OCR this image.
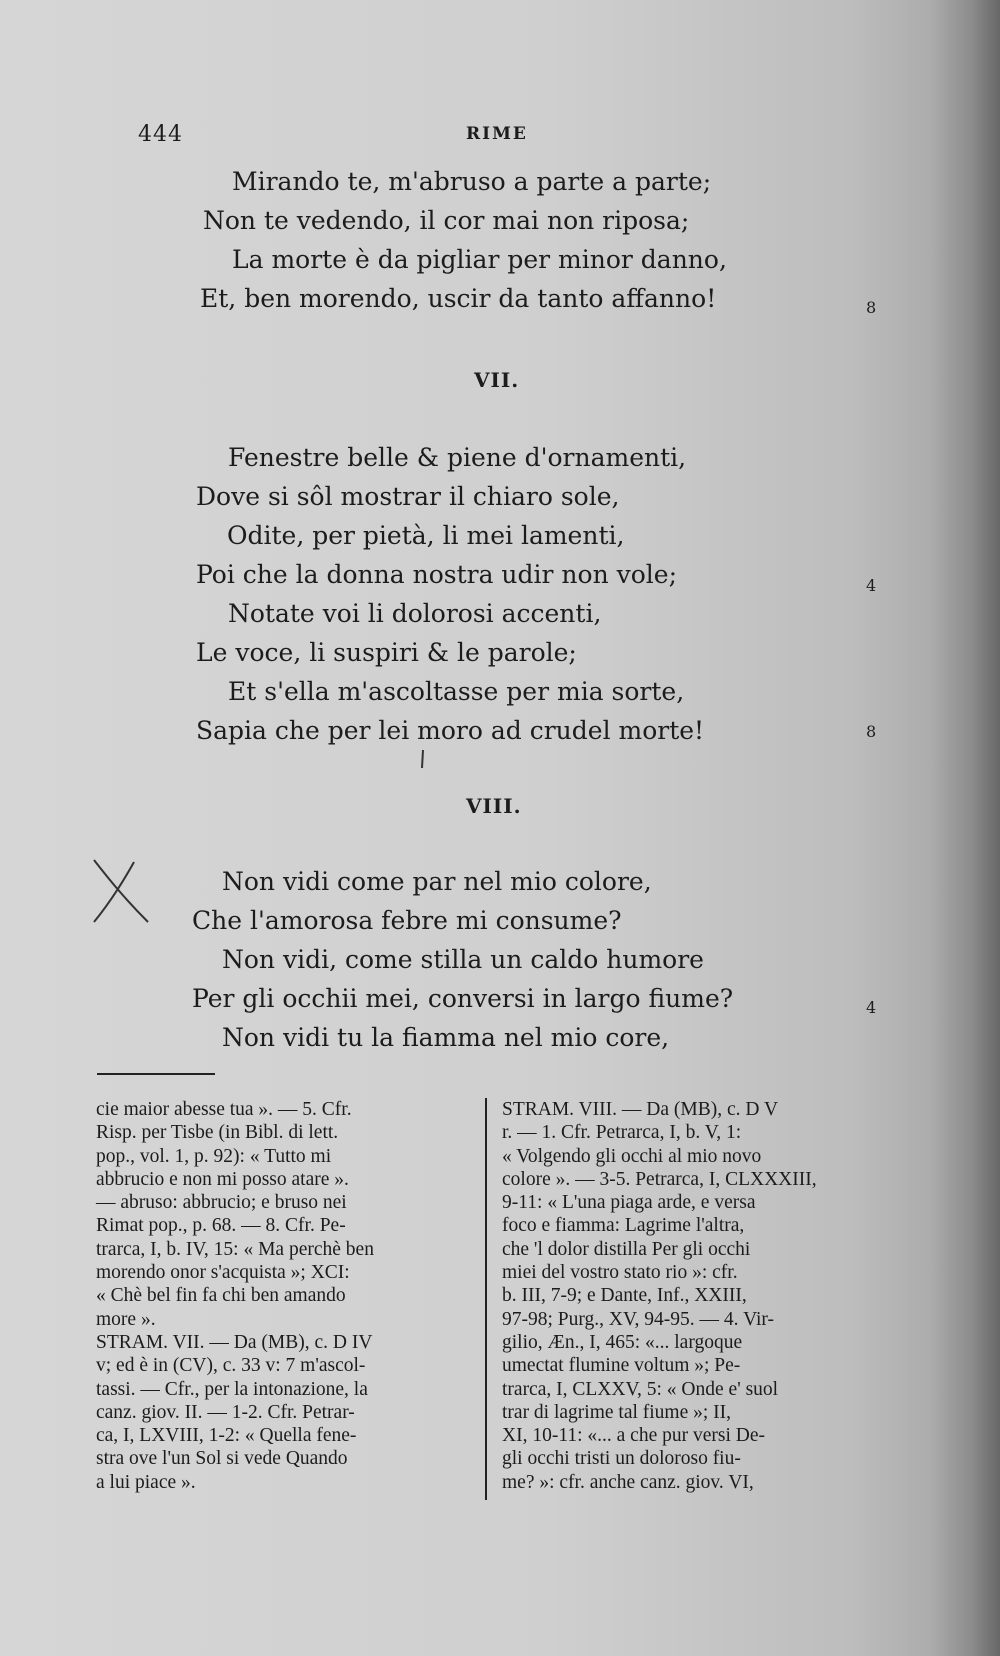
444	RIME
Mirando te, m'abruso a parte a parte;
Non te vedendo, il cor mai non riposa;
La morte è da pigliar per minor danno,
Et, ben morendo, uscir da tanto affanno!	8
VII.
Fenestre belle & piene d'ornamenti,
Dove si sôl mostrar il chiaro sole,
Odite, per pietà, li mei lamenti,
Poi che la donna nostra udir non vole;	4
Notate voi li dolorosi accenti,
Le voce, li suspiri & le parole;
Et s'ella m'ascoltasse per mia sorte,
Sapia che per lei moro ad crudel morte!	8
VIII.
Non vidi come par nel mio colore,
Che l'amorosa febre mi consume?
Non vidi, come stilla un caldo humore
Per gli occhii mei, conversi in largo fiume?	4
Non vidi tu la fiamma nel mio core,

cie maior abesse tua ». — 5. Cfr.

Risp. per Tisbe (in Bibl. di lett.

pop., vol. 1, p. 92): « Tutto mi

abbrucio e non mi posso atare ».

— abruso: abbrucio; e bruso nei

Rimat pop., p. 68. — 8. Cfr. Pe-

trarca, I, b. IV, 15: « Ma perchè ben

morendo onor s'acquista »; XCI:

« Chè bel fin fa chi ben amando

more ».

STRAM. VII. — Da (MB), c. D IV

v; ed è in (CV), c. 33 v: 7 m'ascol-

tassi. — Cfr., per la intonazione, la

canz. giov. II. — 1-2. Cfr. Petrar-

ca, I, LXVIII, 1-2: « Quella fene-

stra ove l'un Sol si vede Quando

a lui piace ».

STRAM. VIII. — Da (MB), c. D V

r. — 1. Cfr. Petrarca, I, b. V, 1:

« Volgendo gli occhi al mio novo

colore ». — 3-5. Petrarca, I, CLXXXIII,

9-11: « L'una piaga arde, e versa

foco e fiamma: Lagrime l'altra,

che 'l dolor distilla Per gli occhi

miei del vostro stato rio »: cfr.

b. III, 7-9; e Dante, Inf., XXIII,

97-98; Purg., XV, 94-95. — 4. Vir-

gilio, Æn., I, 465: «... largoque

umectat flumine voltum »; Pe-

trarca, I, CLXXV, 5: « Onde e' suol

trar di lagrime tal fiume »; II,

XI, 10-11: «... a che pur versi De-

gli occhi tristi un doloroso fiu-

me? »: cfr. anche canz. giov. VI,
